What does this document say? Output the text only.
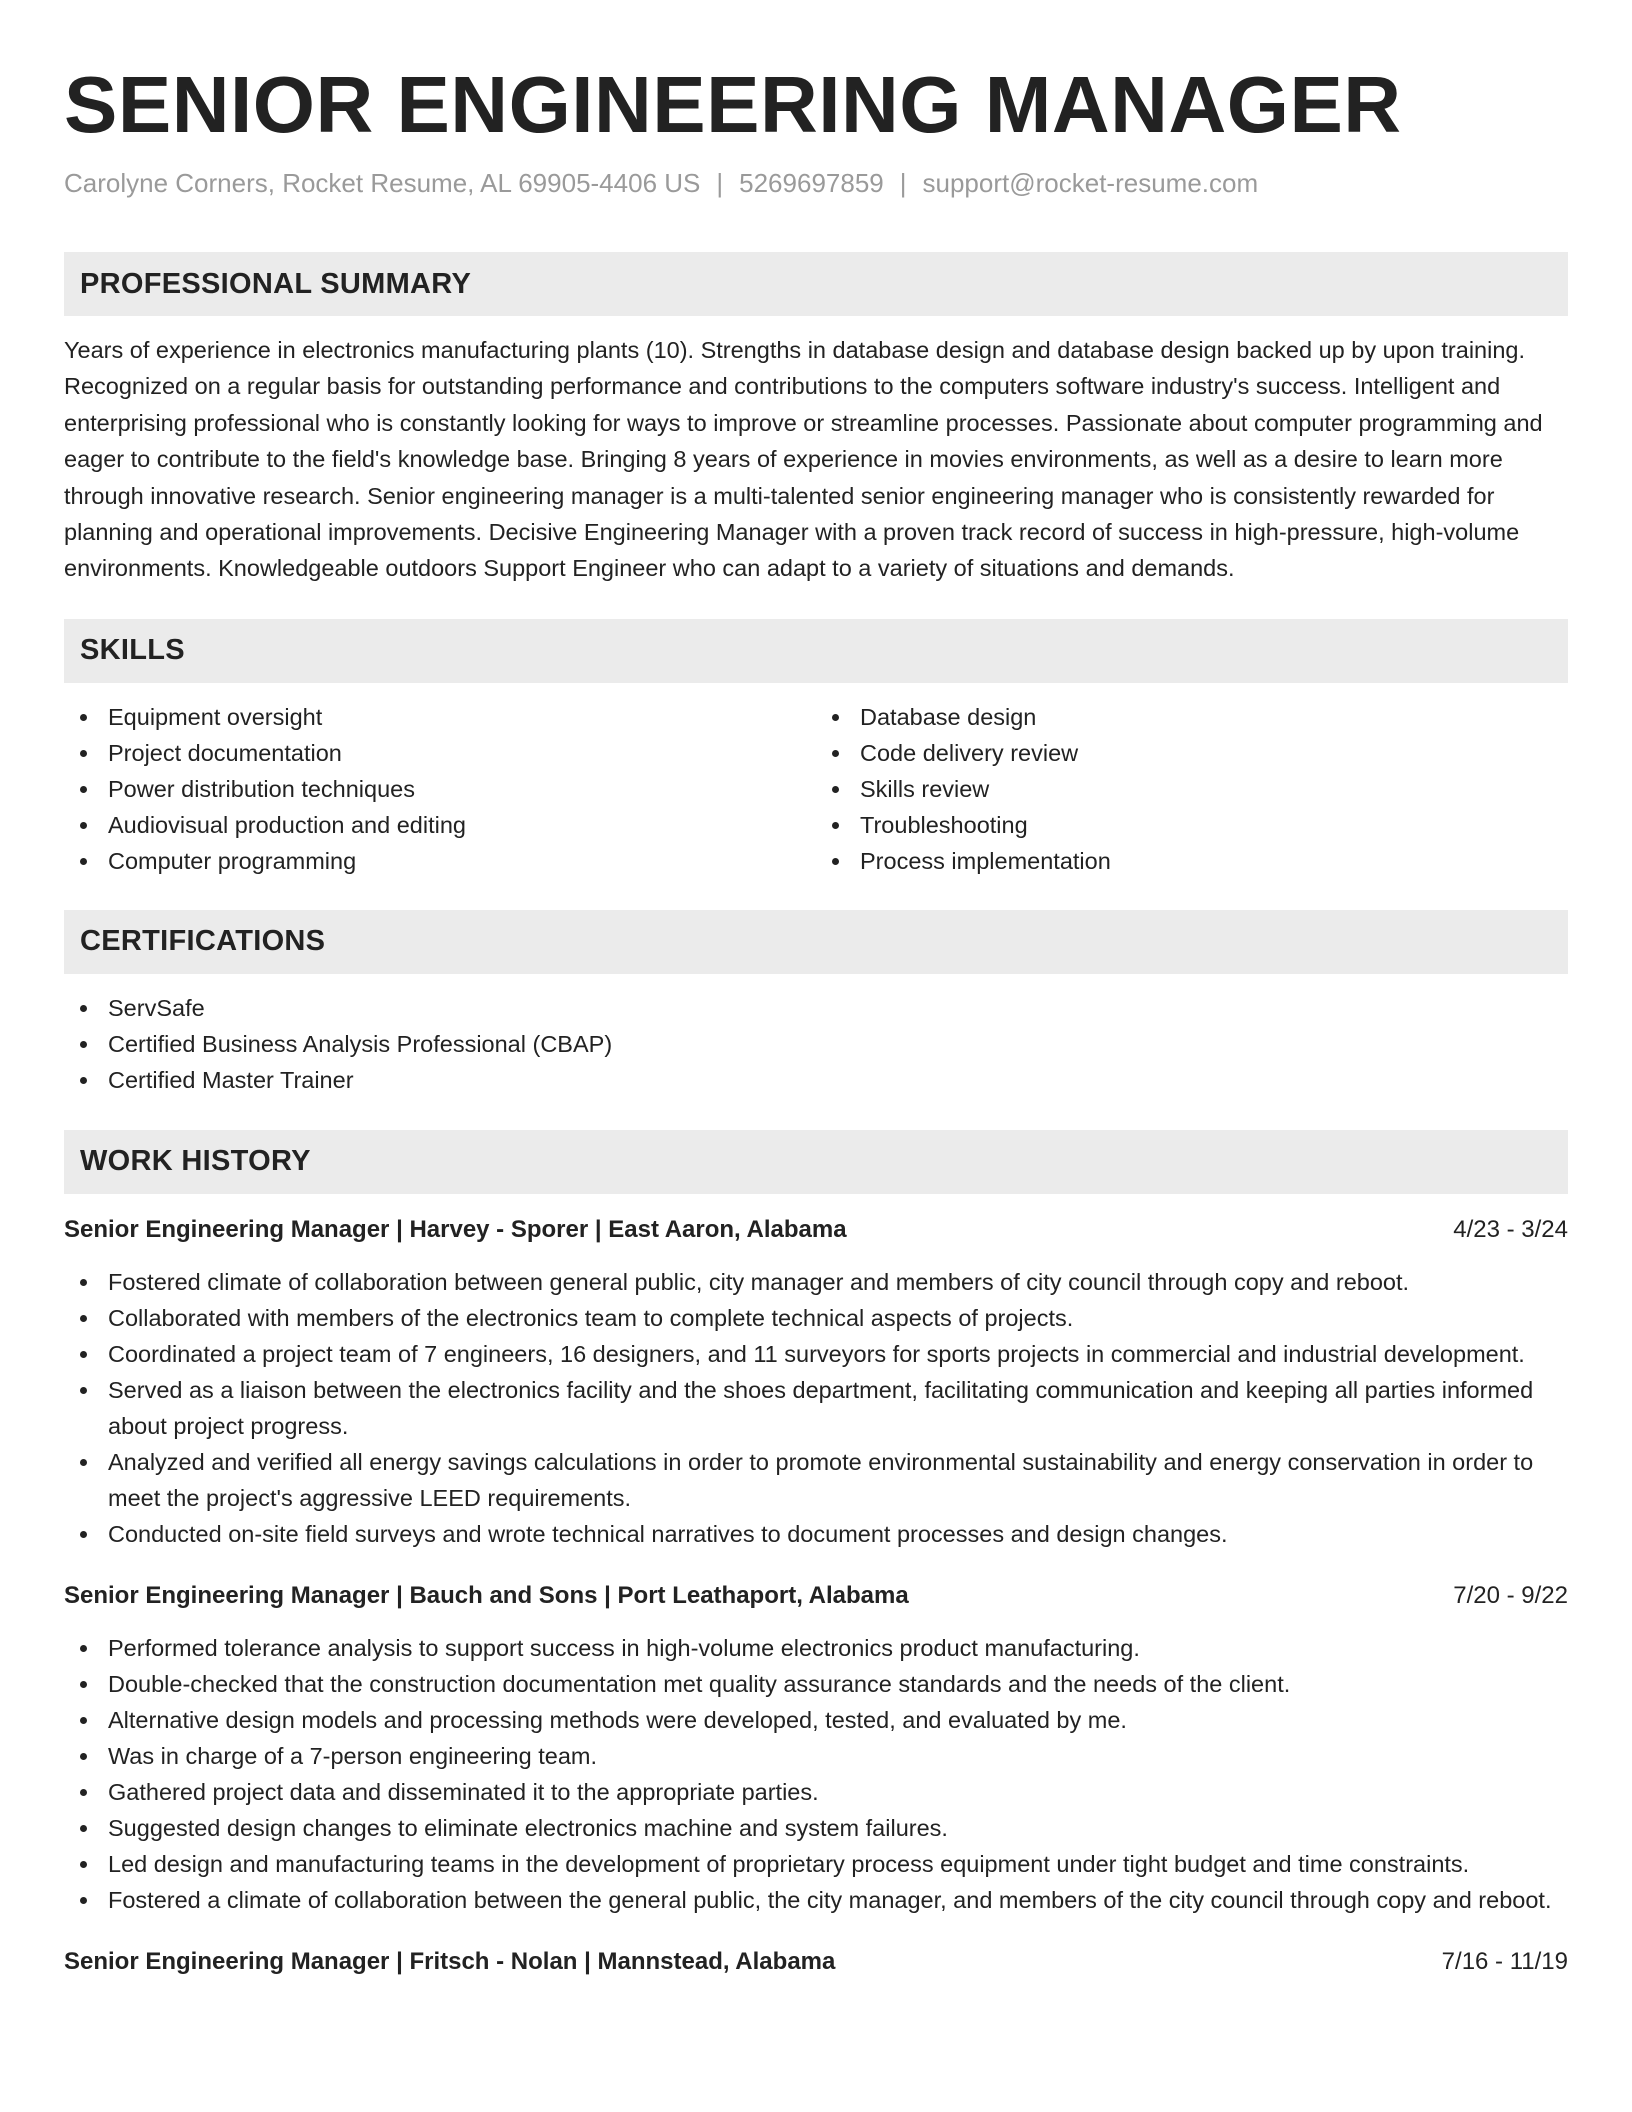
SENIOR ENGINEERING MANAGER
Carolyne Corners, Rocket Resume, AL 69905-4406 US | 5269697859 | support@rocket-resume.com
PROFESSIONAL SUMMARY

Years of experience in electronics manufacturing plants (10). Strengths in database design and database design backed up by upon training. Recognized on a regular basis for outstanding performance and contributions to the computers software industry's success. Intelligent and enterprising professional who is constantly looking for ways to improve or streamline processes. Passionate about computer programming and eager to contribute to the field's knowledge base. Bringing 8 years of experience in movies environments, as well as a desire to learn more through innovative research. Senior engineering manager is a multi-talented senior engineering manager who is consistently rewarded for planning and operational improvements. Decisive Engineering Manager with a proven track record of success in high-pressure, high-volume environments. Knowledgeable outdoors Support Engineer who can adapt to a variety of situations and demands.

SKILLS
Equipment oversight
Project documentation
Power distribution techniques
Audiovisual production and editing
Computer programming
Database design
Code delivery review
Skills review
Troubleshooting
Process implementation
CERTIFICATIONS
ServSafe
Certified Business Analysis Professional (CBAP)
Certified Master Trainer
WORK HISTORY
Senior Engineering Manager | Harvey - Sporer | East Aaron, Alabama	4/23 - 3/24
Fostered climate of collaboration between general public, city manager and members of city council through copy and reboot.
Collaborated with members of the electronics team to complete technical aspects of projects.
Coordinated a project team of 7 engineers, 16 designers, and 11 surveyors for sports projects in commercial and industrial development.
Served as a liaison between the electronics facility and the shoes department, facilitating communication and keeping all parties informed about project progress.
Analyzed and verified all energy savings calculations in order to promote environmental sustainability and energy conservation in order to meet the project's aggressive LEED requirements.
Conducted on-site field surveys and wrote technical narratives to document processes and design changes.
Senior Engineering Manager | Bauch and Sons | Port Leathaport, Alabama	7/20 - 9/22
Performed tolerance analysis to support success in high-volume electronics product manufacturing.
Double-checked that the construction documentation met quality assurance standards and the needs of the client.
Alternative design models and processing methods were developed, tested, and evaluated by me.
Was in charge of a 7-person engineering team.
Gathered project data and disseminated it to the appropriate parties.
Suggested design changes to eliminate electronics machine and system failures.
Led design and manufacturing teams in the development of proprietary process equipment under tight budget and time constraints.
Fostered a climate of collaboration between the general public, the city manager, and members of the city council through copy and reboot.
Senior Engineering Manager | Fritsch - Nolan | Mannstead, Alabama	7/16 - 11/19
